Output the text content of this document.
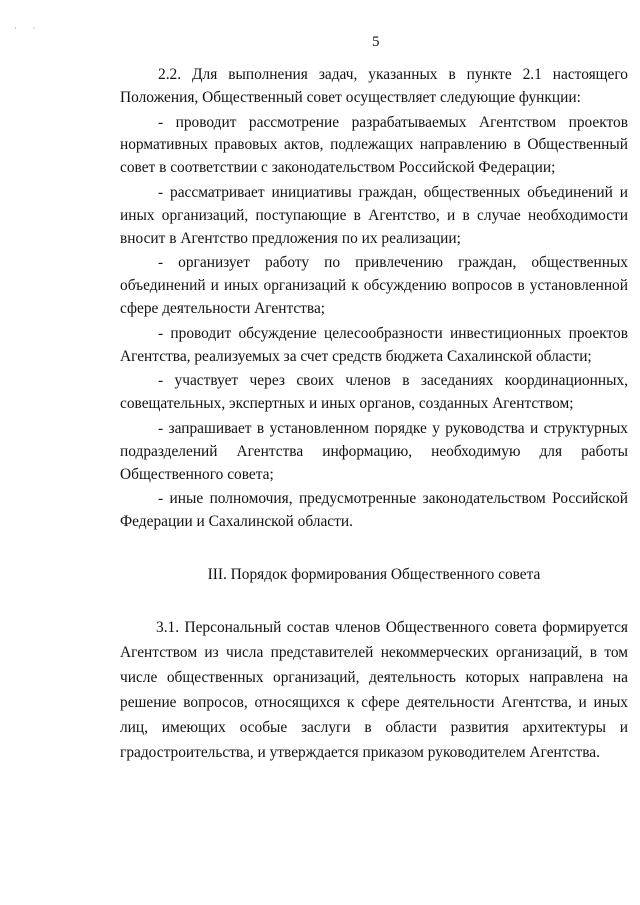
·        ·
5

2.2. Для выполнения задач, указанных в пункте 2.1 настоящего Положения, Общественный совет осуществляет следующие функции:

- проводит рассмотрение разрабатываемых Агентством проектов нормативных правовых актов, подлежащих направлению в Общественный совет в соответствии с законодательством Российской Федерации;

- рассматривает инициативы граждан, общественных объединений и иных организаций, поступающие в Агентство, и в случае необходимости вносит в Агентство предложения по их реализации;

- организует работу по привлечению граждан, общественных объединений и иных организаций к обсуждению вопросов в установленной сфере деятельности Агентства;

- проводит обсуждение целесообразности инвестиционных проектов Агентства, реализуемых за счет средств бюджета Сахалинской области;

- участвует через своих членов в заседаниях координационных, совещательных, экспертных и иных органов, созданных Агентством;

- запрашивает в установленном порядке у руководства и структурных подразделений Агентства информацию, необходимую для работы Общественного совета;

- иные полномочия, предусмотренные законодательством Российской Федерации и Сахалинской области.

III. Порядок формирования Общественного совета

3.1. Персональный состав членов Общественного совета формируется Агентством из числа представителей некоммерческих организаций, в том числе общественных организаций, деятельность которых направлена на решение вопросов, относящихся к сфере деятельности Агентства, и иных лиц, имеющих особые заслуги в области развития архитектуры и градостроительства, и утверждается приказом руководителем Агентства.
